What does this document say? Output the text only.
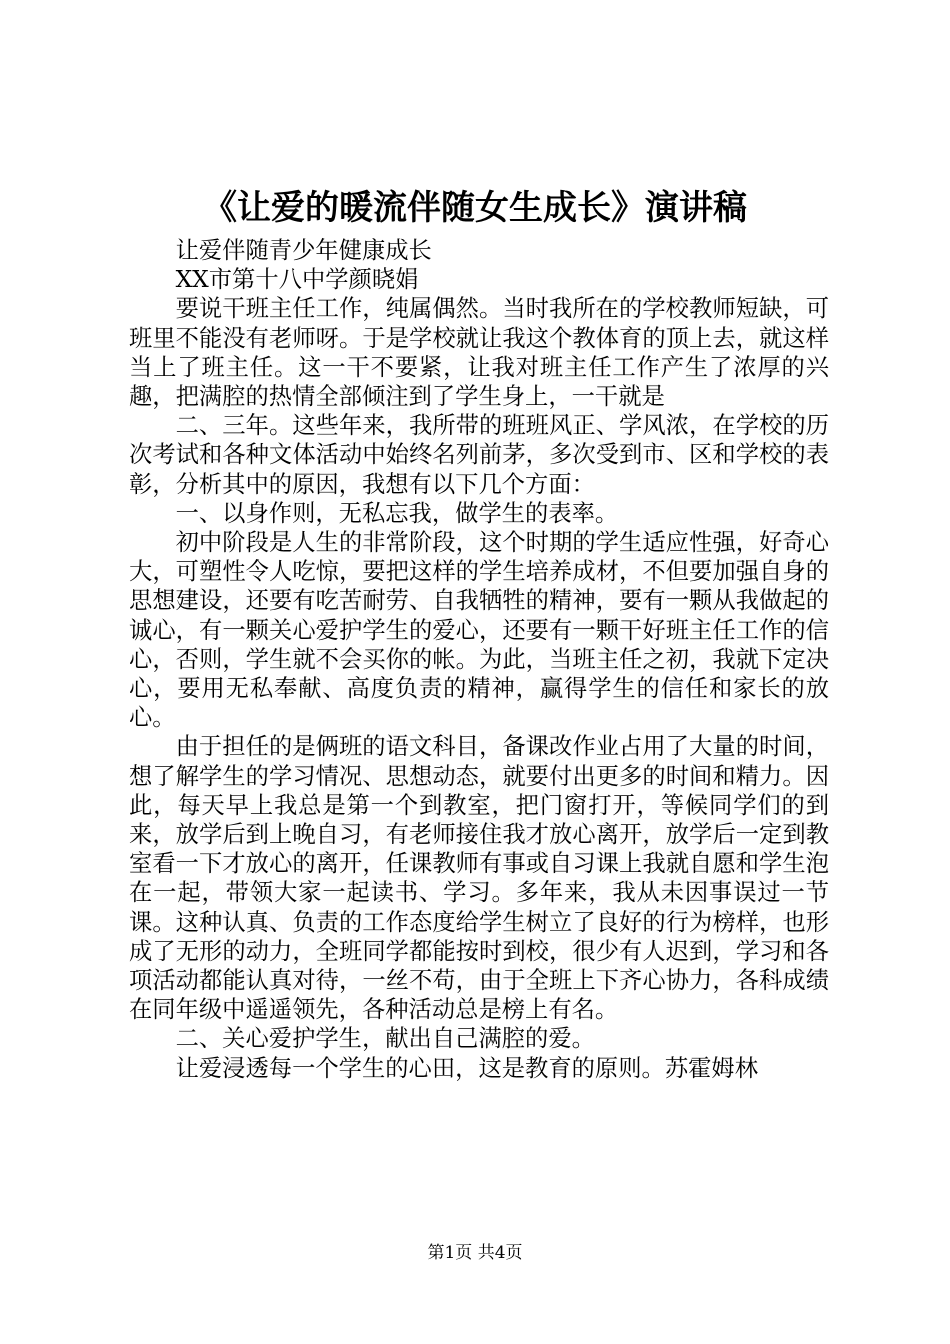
《让爱的暖流伴随女生成长》演讲稿

让爱伴随青少年健康成长

XX市第十八中学颜晓娟

要说干班主任工作，纯属偶然。当时我所在的学校教师短缺，可班里不能没有老师呀。于是学校就让我这个教体育的顶上去，就这样当上了班主任。这一干不要紧，让我对班主任工作产生了浓厚的兴趣，把满腔的热情全部倾注到了学生身上，一干就是

二、三年。这些年来，我所带的班班风正、学风浓，在学校的历次考试和各种文体活动中始终名列前茅，多次受到市、区和学校的表彰，分析其中的原因，我想有以下几个方面：

一、以身作则，无私忘我，做学生的表率。

初中阶段是人生的非常阶段，这个时期的学生适应性强，好奇心大，可塑性令人吃惊，要把这样的学生培养成材，不但要加强自身的思想建设，还要有吃苦耐劳、自我牺牲的精神，要有一颗从我做起的诚心，有一颗关心爱护学生的爱心，还要有一颗干好班主任工作的信心，否则，学生就不会买你的帐。为此，当班主任之初，我就下定决心，要用无私奉献、高度负责的精神，赢得学生的信任和家长的放心。

由于担任的是俩班的语文科目，备课改作业占用了大量的时间，想了解学生的学习情况、思想动态，就要付出更多的时间和精力。因此，每天早上我总是第一个到教室，把门窗打开，等候同学们的到来，放学后到上晚自习，有老师接住我才放心离开，放学后一定到教室看一下才放心的离开，任课教师有事或自习课上我就自愿和学生泡在一起，带领大家一起读书、学习。多年来，我从未因事误过一节课。这种认真、负责的工作态度给学生树立了良好的行为榜样，也形成了无形的动力，全班同学都能按时到校，很少有人迟到，学习和各项活动都能认真对待，一丝不苟，由于全班上下齐心协力，各科成绩在同年级中遥遥领先，各种活动总是榜上有名。

二、关心爱护学生，献出自己满腔的爱。

让爱浸透每一个学生的心田，这是教育的原则。苏霍姆林

第1页 共4页
